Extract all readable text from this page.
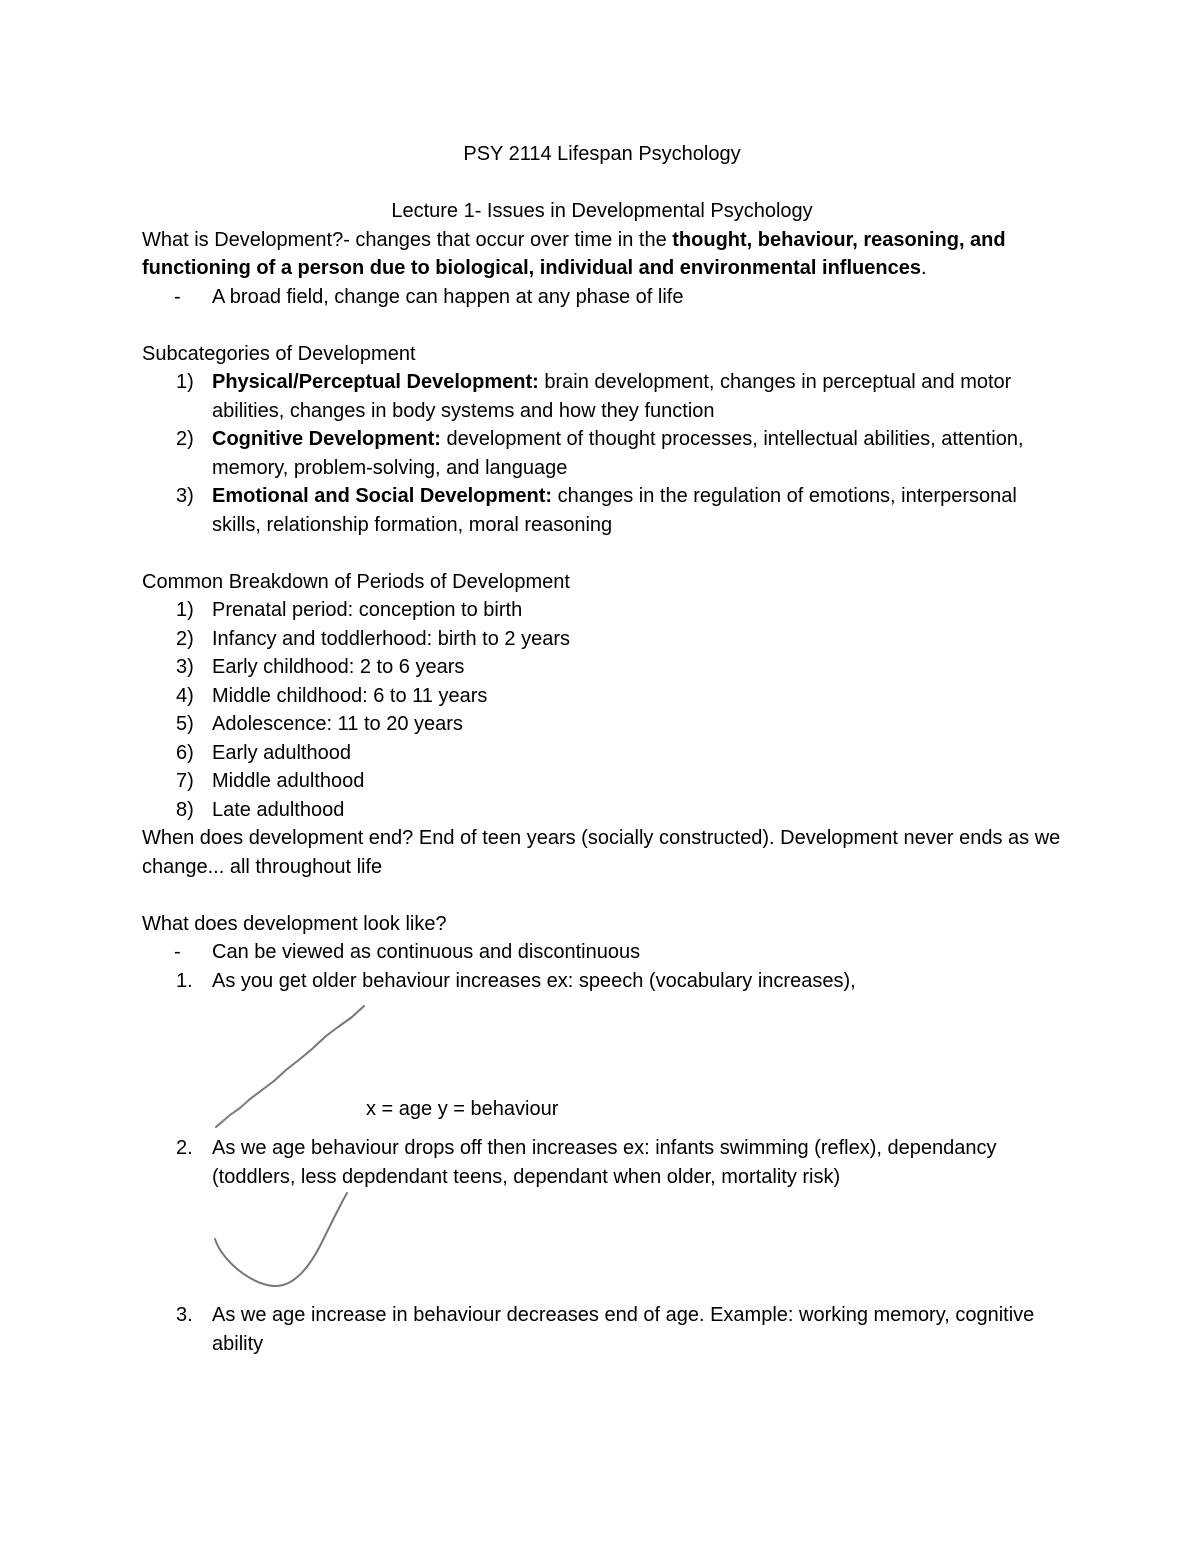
PSY 2114 Lifespan Psychology

Lecture 1- Issues in Developmental Psychology

What is Development?- changes that occur over time in the thought, behaviour, reasoning, and functioning of a person due to biological, individual and environmental influences.

- A broad field, change can happen at any phase of life

Subcategories of Development

1) Physical/Perceptual Development: brain development, changes in perceptual and motor abilities, changes in body systems and how they function
2) Cognitive Development: development of thought processes, intellectual abilities, attention, memory, problem-solving, and language
3) Emotional and Social Development: changes in the regulation of emotions, interpersonal skills, relationship formation, moral reasoning

Common Breakdown of Periods of Development

1) Prenatal period: conception to birth
2) Infancy and toddlerhood: birth to 2 years
3) Early childhood: 2 to 6 years
4) Middle childhood: 6 to 11 years
5) Adolescence: 11 to 20 years
6) Early adulthood
7) Middle adulthood
8) Late adulthood

When does development end? End of teen years (socially constructed). Development never ends as we change... all throughout life

What does development look like?

- Can be viewed as continuous and discontinuous
1. As you get older behaviour increases ex: speech (vocabulary increases),
x = age y = behaviour
2. As we age behaviour drops off then increases ex: infants swimming (reflex), dependancy (toddlers, less depdendant teens, dependant when older, mortality risk)
3. As we age increase in behaviour decreases end of age. Example: working memory, cognitive ability
